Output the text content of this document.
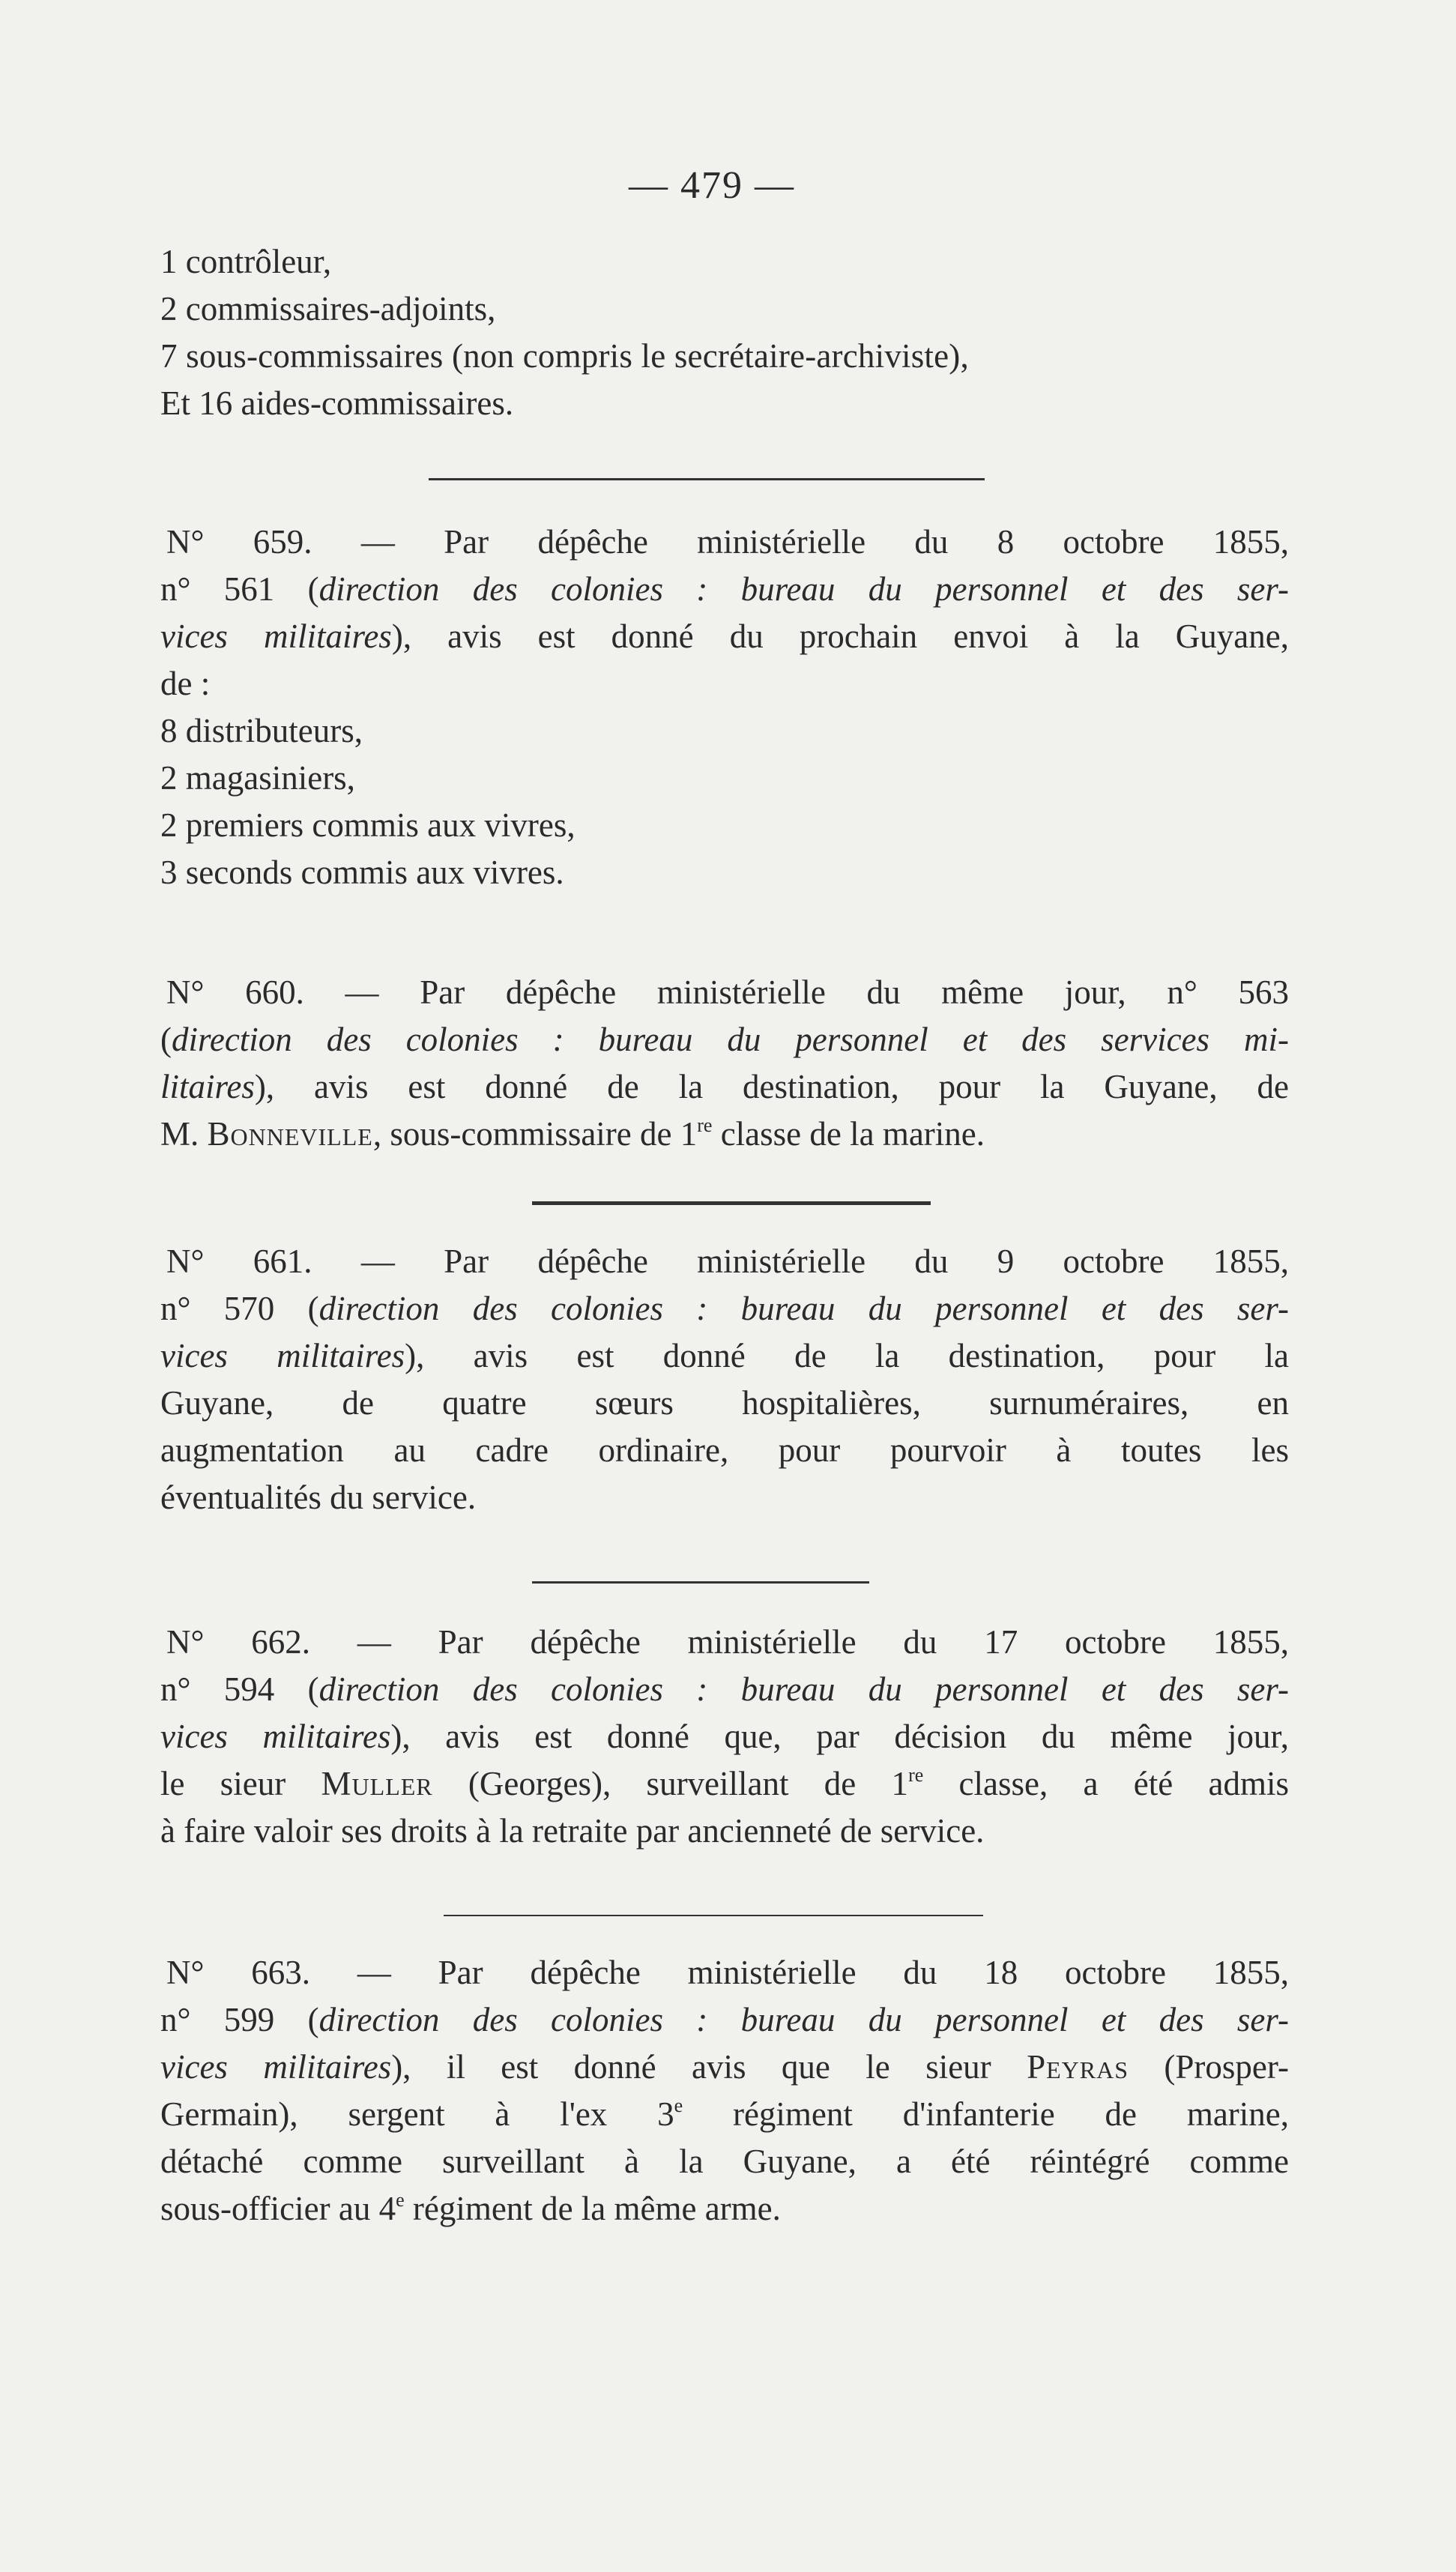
— 479 —
1 contrôleur,
2 commissaires-adjoints,
7 sous-commissaires (non compris le secrétaire-archiviste),
Et 16 aides-commissaires.
N° 659. — Par dépêche ministérielle du 8 octobre 1855,
n° 561 (direction des colonies : bureau du personnel et des ser-
vices militaires), avis est donné du prochain envoi à la Guyane,
de :
8 distributeurs,
2 magasiniers,
2 premiers commis aux vivres,
3 seconds commis aux vivres.
N° 660. — Par dépêche ministérielle du même jour, n° 563
(direction des colonies : bureau du personnel et des services mi-
litaires), avis est donné de la destination, pour la Guyane, de
M. Bonneville, sous-commissaire de 1re classe de la marine.
N° 661. — Par dépêche ministérielle du 9 octobre 1855,
n° 570 (direction des colonies : bureau du personnel et des ser-
vices militaires), avis est donné de la destination, pour la
Guyane, de quatre sœurs hospitalières, surnuméraires, en
augmentation au cadre ordinaire, pour pourvoir à toutes les
éventualités du service.
N° 662. — Par dépêche ministérielle du 17 octobre 1855,
n° 594 (direction des colonies : bureau du personnel et des ser-
vices militaires), avis est donné que, par décision du même jour,
le sieur Muller (Georges), surveillant de 1re classe, a été admis
à faire valoir ses droits à la retraite par ancienneté de service.
N° 663. — Par dépêche ministérielle du 18 octobre 1855,
n° 599 (direction des colonies : bureau du personnel et des ser-
vices militaires), il est donné avis que le sieur Peyras (Prosper-
Germain), sergent à l'ex 3e régiment d'infanterie de marine,
détaché comme surveillant à la Guyane, a été réintégré comme
sous-officier au 4e régiment de la même arme.
